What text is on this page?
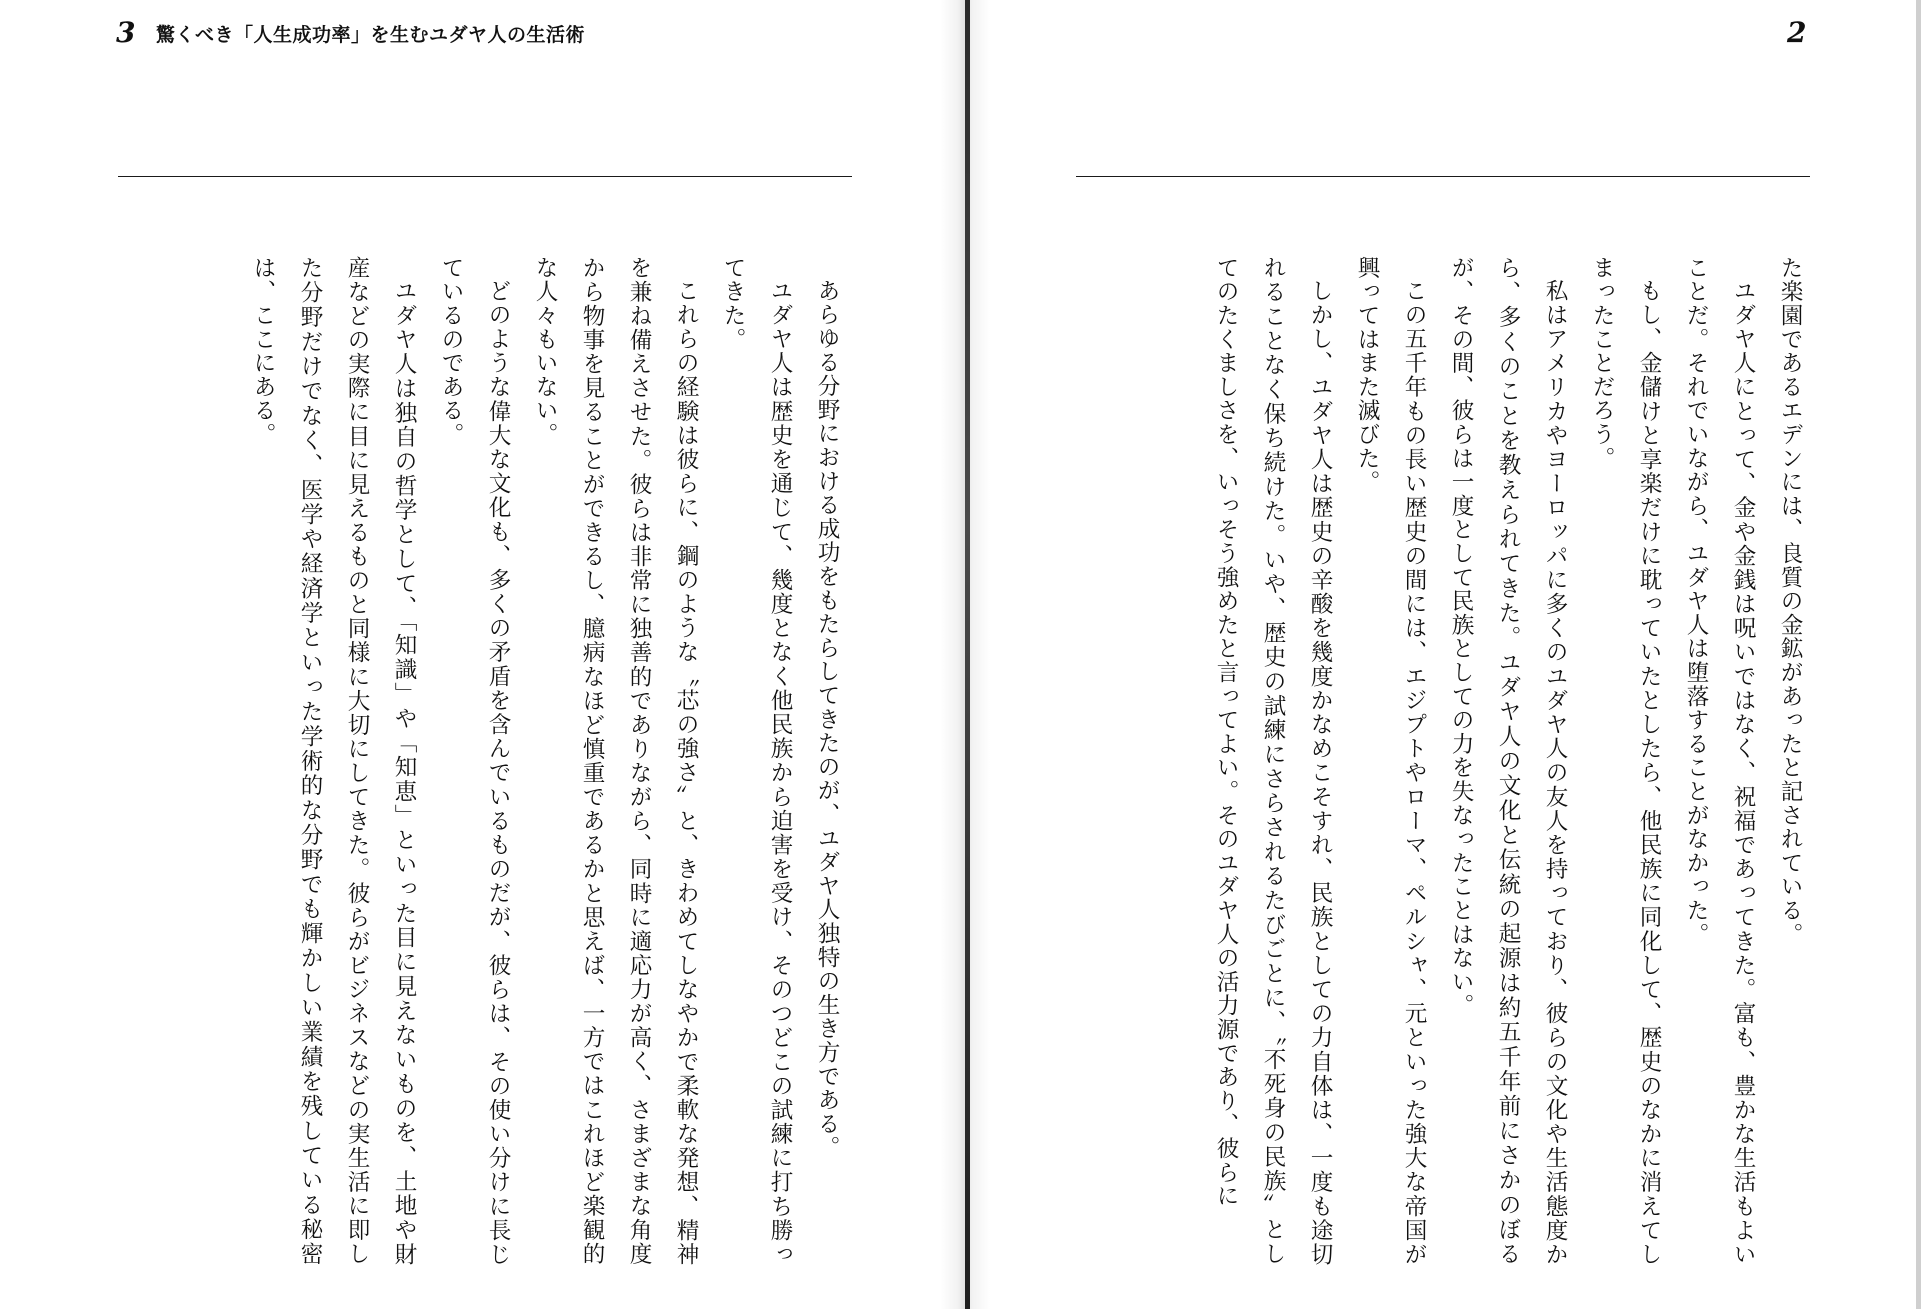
3 驚くべき「人生成功率」を生むユダヤ人の生活術

あらゆる分野における成功をもたらしてきたのが、ユダヤ人独特の生き方である。

ユダヤ人は歴史を通じて、幾度となく他民族から迫害を受け、そのつどこの試練に打ち勝ってきた。

これらの経験は彼らに、鋼のような〝芯の強さ〟と、きわめてしなやかで柔軟な発想、精神を兼ね備えさせた。彼らは非常に独善的でありながら、同時に適応力が高く、さまざまな角度から物事を見ることができるし、臆病なほど慎重であるかと思えば、一方ではこれほど楽観的な人々もいない。

どのような偉大な文化も、多くの矛盾を含んでいるものだが、彼らは、その使い分けに長じているのである。

ユダヤ人は独自の哲学として、「知識」や「知恵」といった目に見えないものを、土地や財産などの実際に目に見えるものと同様に大切にしてきた。彼らがビジネスなどの実生活に即した分野だけでなく、医学や経済学といった学術的な分野でも輝かしい業績を残している秘密は、ここにある。

2

た楽園であるエデンには、良質の金鉱があったと記されている。

ユダヤ人にとって、金や金銭は呪いではなく、祝福であってきた。富も、豊かな生活もよいことだ。それでいながら、ユダヤ人は堕落することがなかった。

もし、金儲けと享楽だけに耽っていたとしたら、他民族に同化して、歴史のなかに消えてしまったことだろう。

私はアメリカやヨーロッパに多くのユダヤ人の友人を持っており、彼らの文化や生活態度から、多くのことを教えられてきた。ユダヤ人の文化と伝統の起源は約五千年前にさかのぼるが、その間、彼らは一度として民族としての力を失なったことはない。

この五千年もの長い歴史の間には、エジプトやローマ、ペルシャ、元といった強大な帝国が興ってはまた滅びた。

しかし、ユダヤ人は歴史の辛酸を幾度かなめこそすれ、民族としての力自体は、一度も途切れることなく保ち続けた。いや、歴史の試練にさらされるたびごとに、〝不死身の民族〟としてのたくましさを、いっそう強めたと言ってよい。そのユダヤ人の活力源であり、彼らに
